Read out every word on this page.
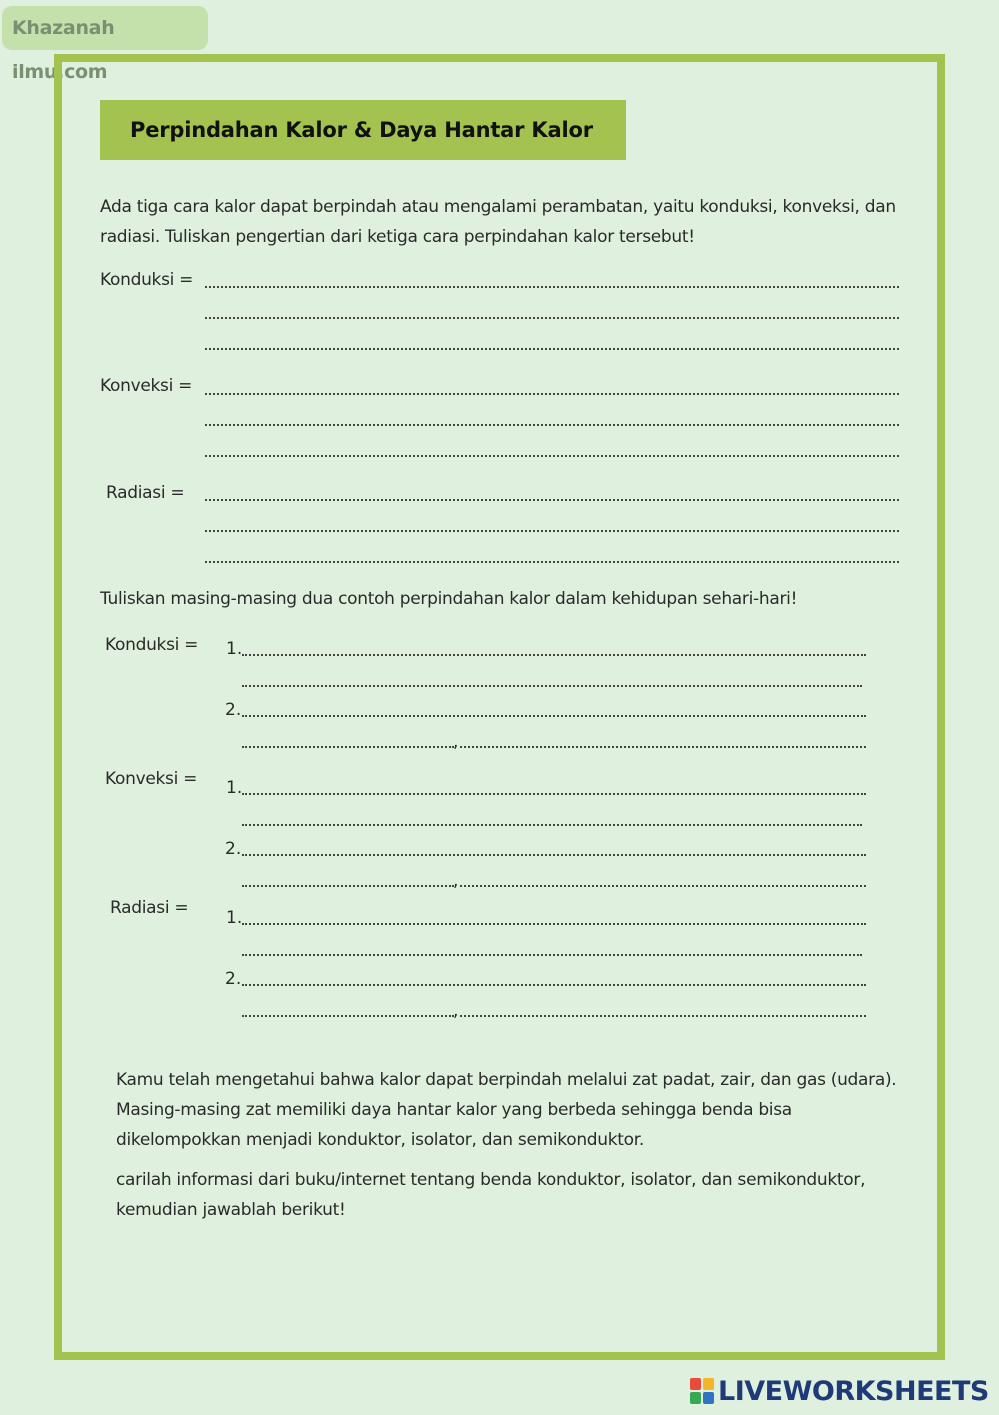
Khazanah ilmu.com
Perpindahan Kalor & Daya Hantar Kalor
Ada tiga cara kalor dapat berpindah atau mengalami perambatan, yaitu konduksi, konveksi, dan radiasi. Tuliskan pengertian dari ketiga cara perpindahan kalor tersebut!
Konduksi =
Konveksi =
Radiasi =
Tuliskan masing-masing dua contoh perpindahan kalor dalam kehidupan sehari-hari!
Konduksi = 1.
2.
,
Konveksi = 1.
2.
,
Radiasi = 1.
2.
,
Kamu telah mengetahui bahwa kalor dapat berpindah melalui zat padat, zair, dan gas (udara). Masing-masing zat memiliki daya hantar kalor yang berbeda sehingga benda bisa dikelompokkan menjadi konduktor, isolator, dan semikonduktor.
carilah informasi dari buku/internet tentang benda konduktor, isolator, dan semikonduktor, kemudian jawablah berikut!
LIVEWORKSHEETS
